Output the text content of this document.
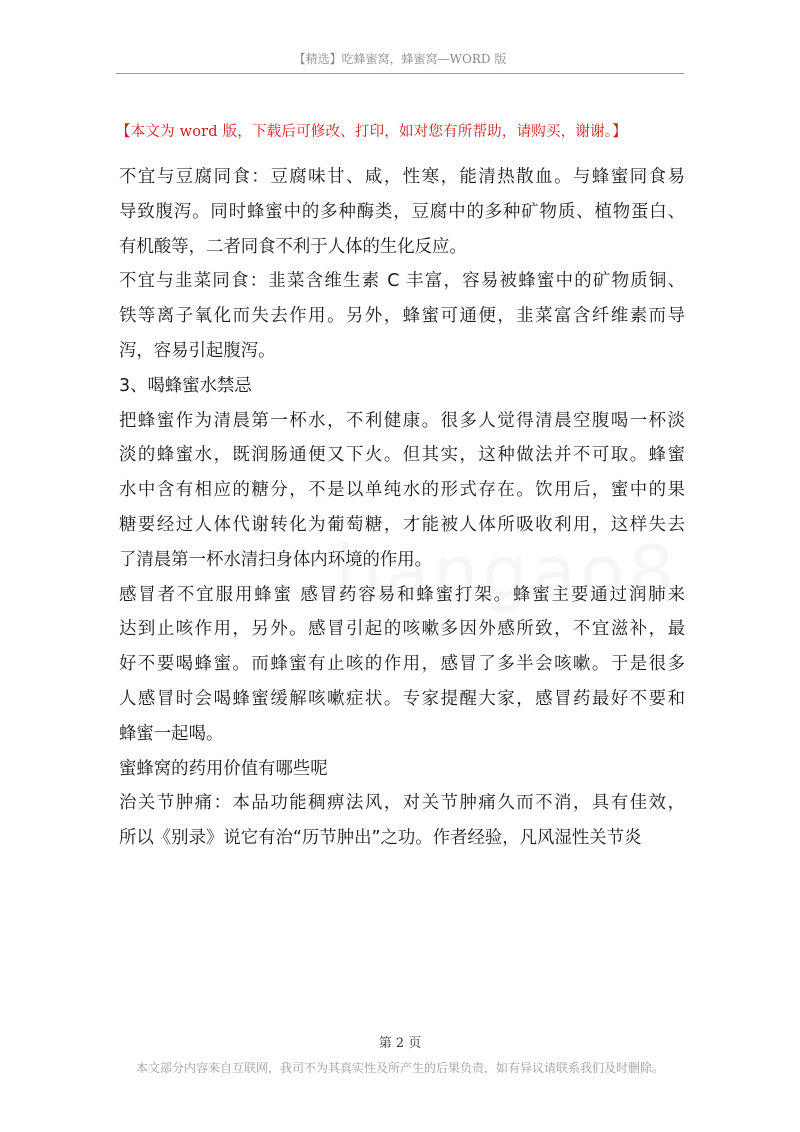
【精选】吃蜂蜜窝，蜂蜜窝—WORD 版
【本文为 word 版，下载后可修改、打印，如对您有所帮助，请购买，谢谢。】

不宜与豆腐同食：豆腐味甘、咸，性寒，能清热散血。与蜂蜜同食易
导致腹泻。同时蜂蜜中的多种酶类，豆腐中的多种矿物质、植物蛋白、
有机酸等，二者同食不利于人体的生化反应。

不宜与韭菜同食：韭菜含维生素 C 丰富，容易被蜂蜜中的矿物质铜、
铁等离子氧化而失去作用。另外，蜂蜜可通便，韭菜富含纤维素而导
泻，容易引起腹泻。

3、喝蜂蜜水禁忌

把蜂蜜作为清晨第一杯水，不利健康。很多人觉得清晨空腹喝一杯淡
淡的蜂蜜水，既润肠通便又下火。但其实，这种做法并不可取。蜂蜜
水中含有相应的糖分，不是以单纯水的形式存在。饮用后，蜜中的果
糖要经过人体代谢转化为葡萄糖，才能被人体所吸收利用，这样失去
了清晨第一杯水清扫身体内环境的作用。

感冒者不宜服用蜂蜜 感冒药容易和蜂蜜打架。蜂蜜主要通过润肺来
达到止咳作用，另外。感冒引起的咳嗽多因外感所致，不宜滋补，最
好不要喝蜂蜜。而蜂蜜有止咳的作用，感冒了多半会咳嗽。于是很多
人感冒时会喝蜂蜜缓解咳嗽症状。专家提醒大家，感冒药最好不要和
蜂蜜一起喝。

蜜蜂窝的药用价值有哪些呢

治关节肿痛：本品功能稠痹法风，对关节肿痛久而不消，具有佳效，
所以《别录》说它有治“历节肿出”之功。作者经验，凡风湿性关节炎

第 2 页
本文部分内容来自互联网，我司不为其真实性及所产生的后果负责，如有异议请联系我们及时删除。
